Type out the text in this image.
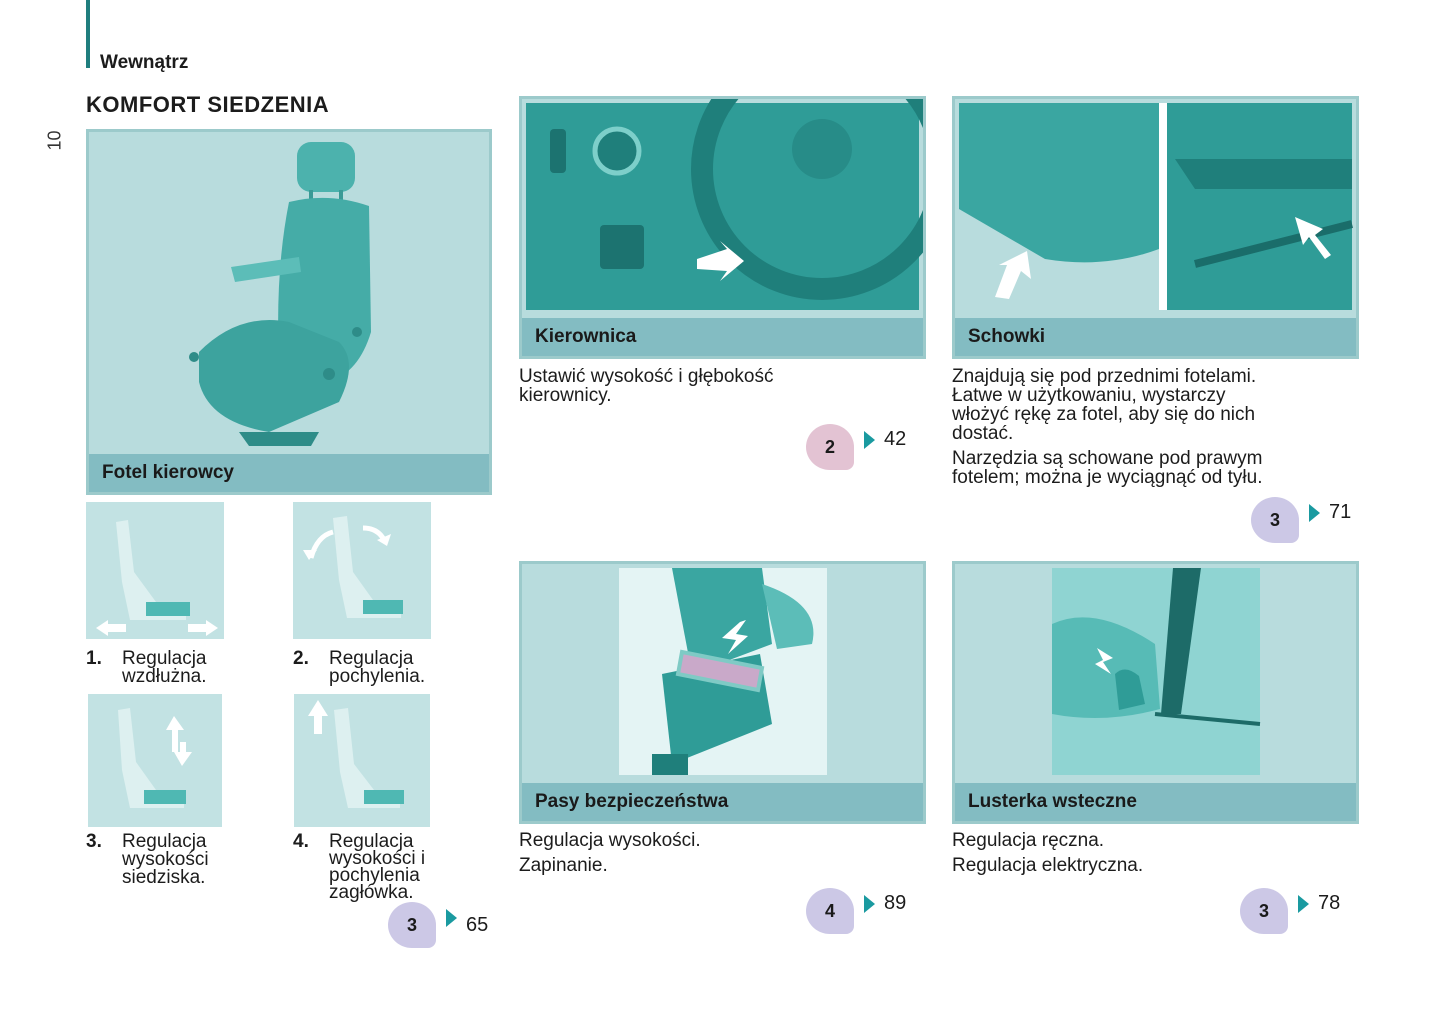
10
Wewnątrz
KOMFORT SIEDZENIA
Fotel kierowcy
1. Regulacja
wzdłużna.
2. Regulacja
pochylenia.
3. Regulacja
wysokości
siedziska.
4. Regulacja
wysokości i
pochylenia
zagłówka.
3	65
Kierownica
Ustawić wysokość i głębokość
kierownicy.
2	42
Schowki

Znajdują się pod przednimi fotelami.
Łatwe w użytkowaniu, wystarczy
włożyć rękę za fotel, aby się do nich
dostać.

Narzędzia są schowane pod prawym
fotelem; można je wyciągnąć od tyłu.

3	71
Pasy bezpieczeństwa

Regulacja wysokości.

Zapinanie.

4	89
Lusterka wsteczne

Regulacja ręczna.

Regulacja elektryczna.

3	78
